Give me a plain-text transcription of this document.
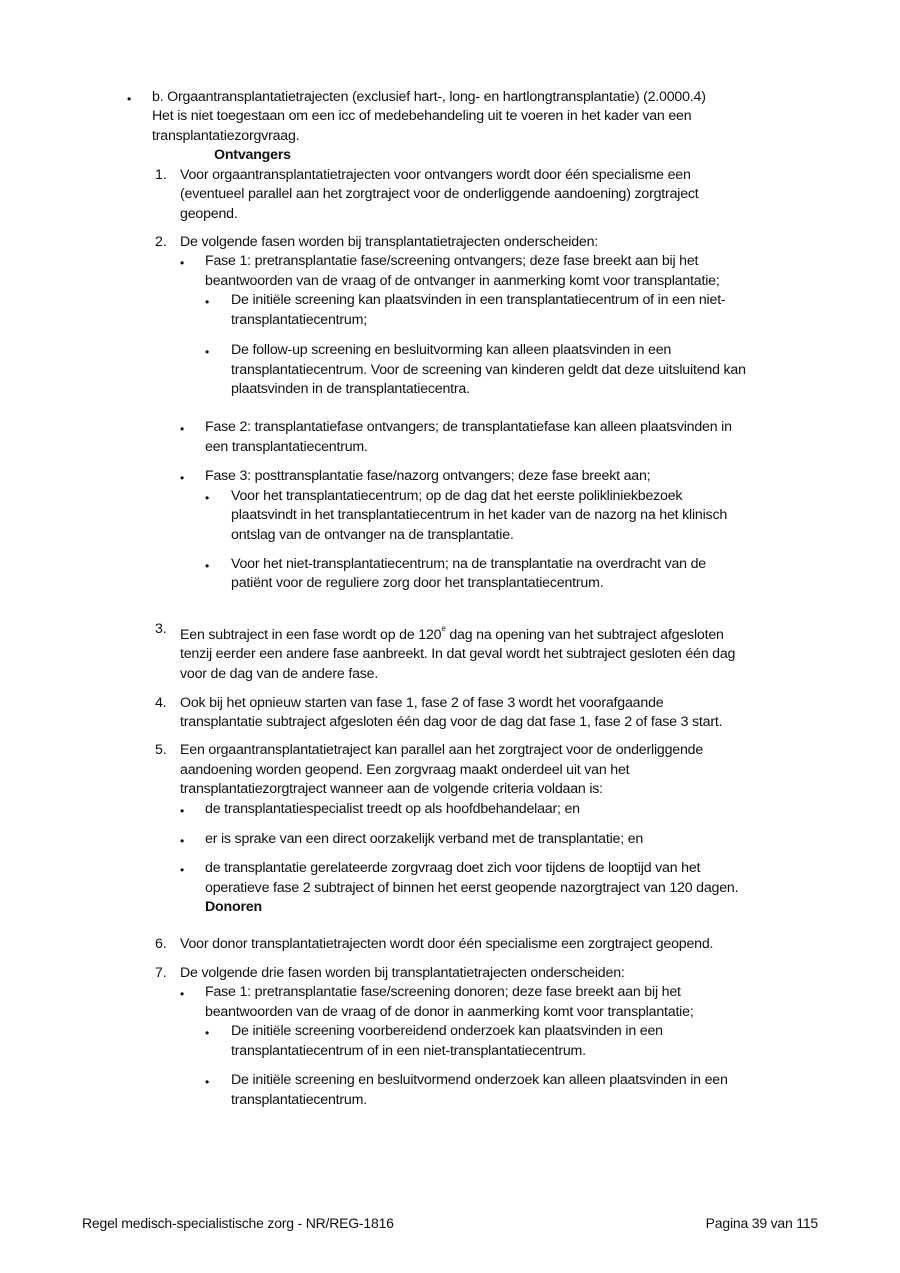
• b. Orgaantransplantatietrajecten (exclusief hart-, long- en hartlongtransplantatie) (2.0000.4)
Het is niet toegestaan om een icc of medebehandeling uit te voeren in het kader van een
transplantatiezorgvraag.
Ontvangers
1. Voor orgaantransplantatietrajecten voor ontvangers wordt door één specialisme een
(eventueel parallel aan het zorgtraject voor de onderliggende aandoening) zorgtraject
geopend.
2. De volgende fasen worden bij transplantatietrajecten onderscheiden:
• Fase 1: pretransplantatie fase/screening ontvangers; deze fase breekt aan bij het
beantwoorden van de vraag of de ontvanger in aanmerking komt voor transplantatie;
• De initiële screening kan plaatsvinden in een transplantatiecentrum of in een niet-
transplantatiecentrum;
• De follow-up screening en besluitvorming kan alleen plaatsvinden in een
transplantatiecentrum. Voor de screening van kinderen geldt dat deze uitsluitend kan
plaatsvinden in de transplantatiecentra.
• Fase 2: transplantatiefase ontvangers; de transplantatiefase kan alleen plaatsvinden in
een transplantatiecentrum.
• Fase 3: posttransplantatie fase/nazorg ontvangers; deze fase breekt aan;
• Voor het transplantatiecentrum; op de dag dat het eerste polikliniekbezoek
plaatsvindt in het transplantatiecentrum in het kader van de nazorg na het klinisch
ontslag van de ontvanger na de transplantatie.
• Voor het niet-transplantatiecentrum; na de transplantatie na overdracht van de
patiënt voor de reguliere zorg door het transplantatiecentrum.
3. Een subtraject in een fase wordt op de 120e dag na opening van het subtraject afgesloten
tenzij eerder een andere fase aanbreekt. In dat geval wordt het subtraject gesloten één dag
voor de dag van de andere fase.
4. Ook bij het opnieuw starten van fase 1, fase 2 of fase 3 wordt het voorafgaande
transplantatie subtraject afgesloten één dag voor de dag dat fase 1, fase 2 of fase 3 start.
5. Een orgaantransplantatietraject kan parallel aan het zorgtraject voor de onderliggende
aandoening worden geopend. Een zorgvraag maakt onderdeel uit van het
transplantatiezorgtraject wanneer aan de volgende criteria voldaan is:
• de transplantatiespecialist treedt op als hoofdbehandelaar; en
• er is sprake van een direct oorzakelijk verband met de transplantatie; en
• de transplantatie gerelateerde zorgvraag doet zich voor tijdens de looptijd van het
operatieve fase 2 subtraject of binnen het eerst geopende nazorgtraject van 120 dagen.
Donoren
6. Voor donor transplantatietrajecten wordt door één specialisme een zorgtraject geopend.
7. De volgende drie fasen worden bij transplantatietrajecten onderscheiden:
• Fase 1: pretransplantatie fase/screening donoren; deze fase breekt aan bij het
beantwoorden van de vraag of de donor in aanmerking komt voor transplantatie;
• De initiële screening voorbereidend onderzoek kan plaatsvinden in een
transplantatiecentrum of in een niet-transplantatiecentrum.
• De initiële screening en besluitvormend onderzoek kan alleen plaatsvinden in een
transplantatiecentrum.
Regel medisch-specialistische zorg - NR/REG-1816	Pagina 39 van 115
